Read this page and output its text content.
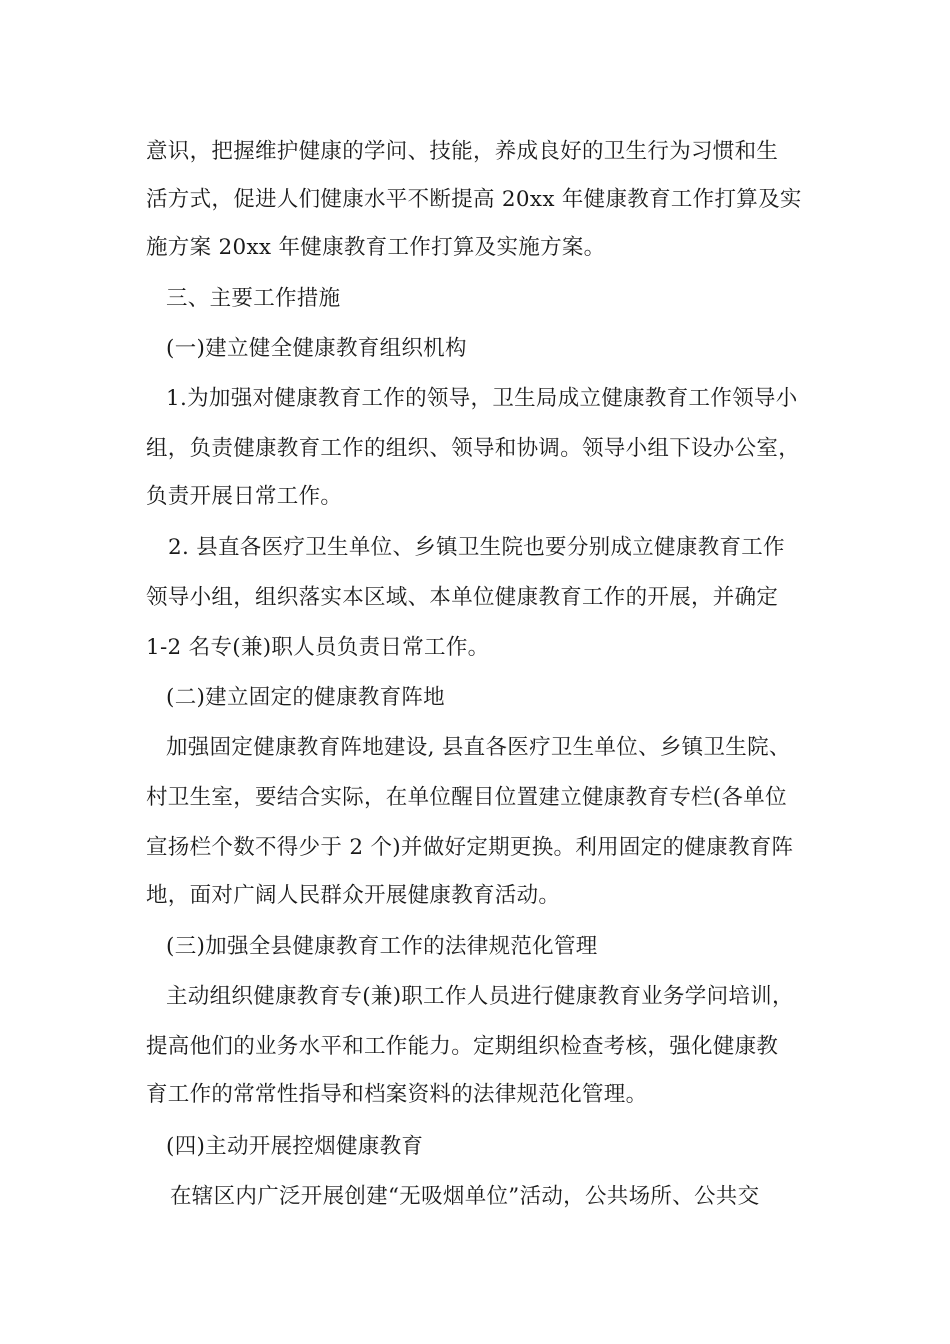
意识，把握维护健康的学问、技能，养成良好的卫生行为习惯和生
活方式，促进人们健康水平不断提高 20xx 年健康教育工作打算及实
施方案 20xx 年健康教育工作打算及实施方案。
三、主要工作措施
(一)建立健全健康教育组织机构
1.为加强对健康教育工作的领导，卫生局成立健康教育工作领导小
组，负责健康教育工作的组织、领导和协调。领导小组下设办公室，
负责开展日常工作。
2. 县直各医疗卫生单位、乡镇卫生院也要分别成立健康教育工作
领导小组，组织落实本区域、本单位健康教育工作的开展，并确定
1-2 名专(兼)职人员负责日常工作。
(二)建立固定的健康教育阵地
加强固定健康教育阵地建设, 县直各医疗卫生单位、乡镇卫生院、
村卫生室，要结合实际，在单位醒目位置建立健康教育专栏(各单位
宣扬栏个数不得少于 2 个)并做好定期更换。利用固定的健康教育阵
地，面对广阔人民群众开展健康教育活动。
(三)加强全县健康教育工作的法律规范化管理
主动组织健康教育专(兼)职工作人员进行健康教育业务学问培训，
提高他们的业务水平和工作能力。定期组织检查考核，强化健康教
育工作的常常性指导和档案资料的法律规范化管理。
(四)主动开展控烟健康教育
在辖区内广泛开展创建“无吸烟单位”活动，公共场所、公共交
